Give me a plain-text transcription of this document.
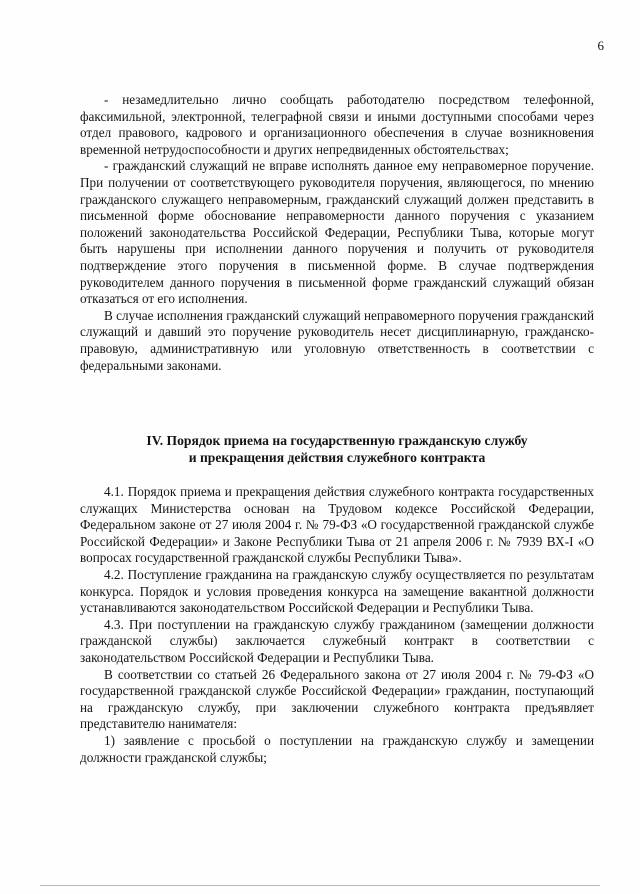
6

- незамедлительно лично сообщать работодателю посредством телефонной, факсимильной, электронной, телеграфной связи и иными доступными способами через отдел правового, кадрового и организационного обеспечения в случае возникновения временной нетрудоспособности и других непредвиденных обстоятельствах;

- гражданский служащий не вправе исполнять данное ему неправомерное поручение. При получении от соответствующего руководителя поручения, являющегося, по мнению гражданского служащего неправомерным, гражданский служащий должен представить в письменной форме обоснование неправомерности данного поручения с указанием положений законодательства Российской Федерации, Республики Тыва, которые могут быть нарушены при исполнении данного поручения и получить от руководителя подтверждение этого поручения в письменной форме. В случае подтверждения руководителем данного поручения в письменной форме гражданский служащий обязан отказаться от его исполнения.

В случае исполнения гражданский служащий неправомерного поручения гражданский служащий и давший это поручение руководитель несет дисциплинарную, гражданско-правовую, административную или уголовную ответственность в соответствии с федеральными законами.

IV. Порядок приема на государственную гражданскую службу
и прекращения действия служебного контракта

4.1. Порядок приема и прекращения действия служебного контракта государственных служащих Министерства основан на Трудовом кодексе Российской Федерации, Федеральном законе от 27 июля 2004 г. № 79-ФЗ «О государственной гражданской службе Российской Федерации» и Законе Республики Тыва от 21 апреля 2006 г. № 7939 ВХ-I «О вопросах государственной гражданской службы Республики Тыва».

4.2. Поступление гражданина на гражданскую службу осуществляется по результатам конкурса. Порядок и условия проведения конкурса на замещение вакантной должности устанавливаются законодательством Российской Федерации и Республики Тыва.

4.3. При поступлении на гражданскую службу гражданином (замещении должности гражданской службы) заключается служебный контракт в соответствии с законодательством Российской Федерации и Республики Тыва.

В соответствии со статьей 26 Федерального закона от 27 июля 2004 г. № 79-ФЗ «О государственной гражданской службе Российской Федерации» гражданин, поступающий на гражданскую службу, при заключении служебного контракта предъявляет представителю нанимателя:

1) заявление с просьбой о поступлении на гражданскую службу и замещении должности гражданской службы;
